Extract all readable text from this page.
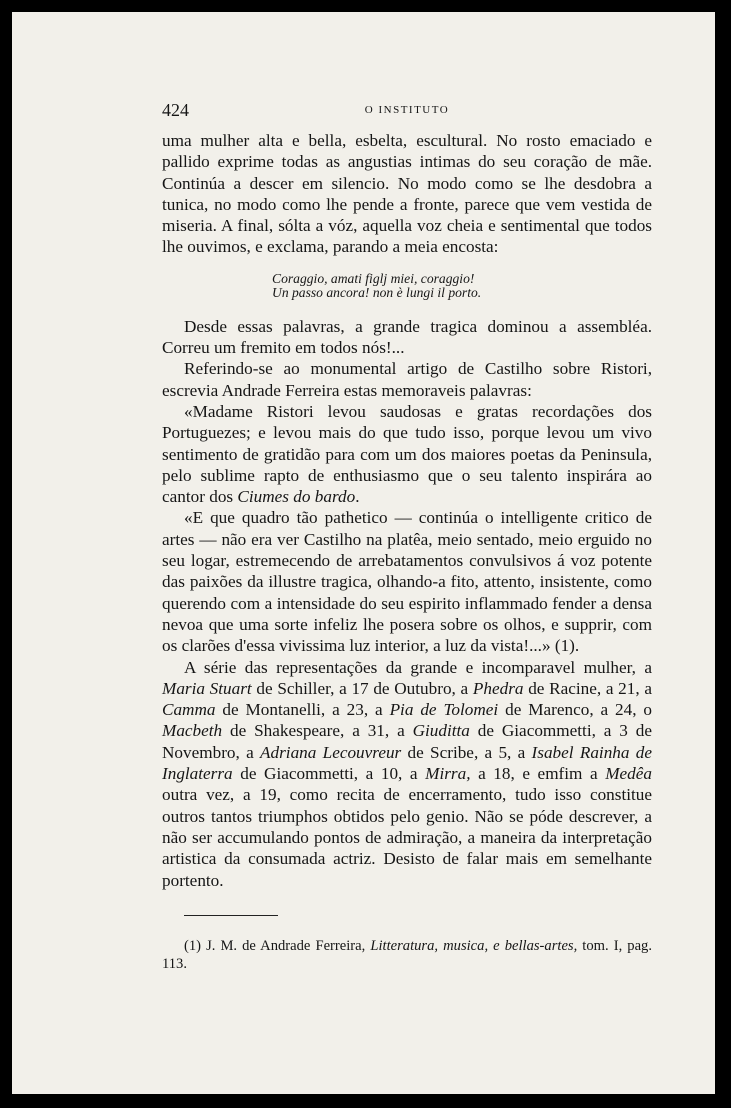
424	O INSTITUTO

uma mulher alta e bella, esbelta, escultural. No rosto emaciado e pallido exprime todas as angustias intimas do seu coração de mãe. Continúa a descer em silencio. No modo como se lhe desdobra a tunica, no modo como lhe pende a fronte, parece que vem vestida de miseria. A final, sólta a vóz, aquella voz cheia e sentimental que todos lhe ouvimos, e exclama, parando a meia encosta:

Coraggio, amati figlj miei, coraggio!
Un passo ancora! non è lungi il porto.

Desde essas palavras, a grande tragica dominou a assembléa. Correu um fremito em todos nós!...

Referindo-se ao monumental artigo de Castilho sobre Ristori, escrevia Andrade Ferreira estas memoraveis palavras:

«Madame Ristori levou saudosas e gratas recordações dos Portuguezes; e levou mais do que tudo isso, porque levou um vivo sentimento de gratidão para com um dos maiores poetas da Peninsula, pelo sublime rapto de enthusiasmo que o seu talento inspirára ao cantor dos Ciumes do bardo.

«E que quadro tão pathetico — continúa o intelligente critico de artes — não era ver Castilho na platêa, meio sentado, meio erguido no seu logar, estremecendo de arrebatamentos convulsivos á voz potente das paixões da illustre tragica, olhando-a fito, attento, insistente, como querendo com a intensidade do seu espirito inflammado fender a densa nevoa que uma sorte infeliz lhe posera sobre os olhos, e supprir, com os clarões d'essa vivissima luz interior, a luz da vista!...» (1).

A série das representações da grande e incomparavel mulher, a Maria Stuart de Schiller, a 17 de Outubro, a Phedra de Racine, a 21, a Camma de Montanelli, a 23, a Pia de Tolomei de Marenco, a 24, o Macbeth de Shakespeare, a 31, a Giuditta de Giacommetti, a 3 de Novembro, a Adriana Lecouvreur de Scribe, a 5, a Isabel Rainha de Inglaterra de Giacommetti, a 10, a Mirra, a 18, e emfim a Medêa outra vez, a 19, como recita de encerramento, tudo isso constitue outros tantos triumphos obtidos pelo genio. Não se póde descrever, a não ser accumulando pontos de admiração, a maneira da interpretação artistica da consumada actriz. Desisto de falar mais em semelhante portento.

(1) J. M. de Andrade Ferreira, Litteratura, musica, e bellas-artes, tom. I, pag. 113.
